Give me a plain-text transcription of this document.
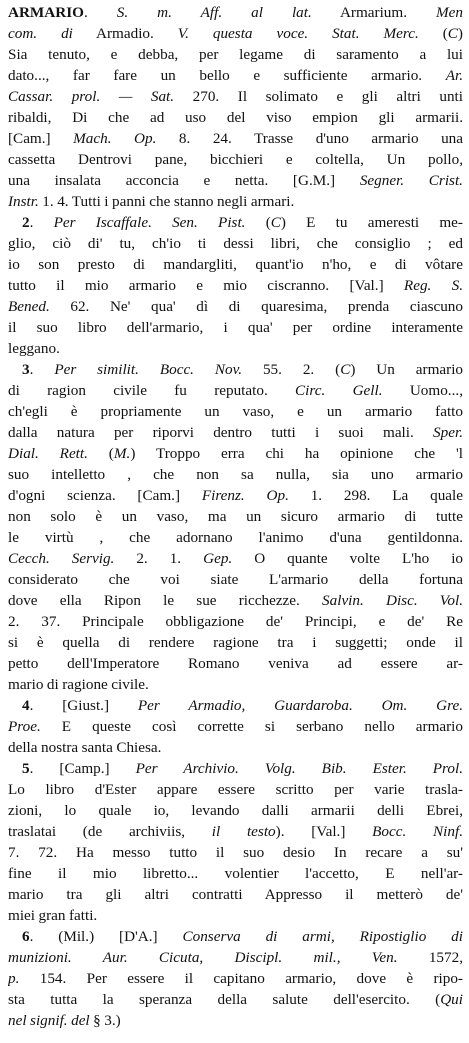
ARMARIO. S. m. Aff. al lat. Armarium. Men
com. di Armadio. V. questa voce. Stat. Merc. (C)
Sia tenuto, e debba, per legame di saramento a lui
dato..., far fare un bello e sufficiente armario. Ar.
Cassar. prol. — Sat. 270. Il solimato e gli altri unti
ribaldi, Di che ad uso del viso empion gli armarii.
[Cam.] Mach. Op. 8. 24. Trasse d'uno armario una
cassetta Dentrovi pane, bicchieri e coltella, Un pollo,
una insalata acconcia e netta. [G.M.] Segner. Crist.
Instr. 1. 4. Tutti i panni che stanno negli armari.
2. Per Iscaffale. Sen. Pist. (C) E tu ameresti me-
glio, ciò di' tu, ch'io ti dessi libri, che consiglio ; ed
io son presto di mandargliti, quant'io n'ho, e di vôtare
tutto il mio armario e mio ciscranno. [Val.] Reg. S.
Bened. 62. Ne' qua' dì di quaresima, prenda ciascuno
il suo libro dell'armario, i qua' per ordine interamente
leggano.
3. Per similit. Bocc. Nov. 55. 2. (C) Un armario
di ragion civile fu reputato. Circ. Gell. Uomo...,
ch'egli è propriamente un vaso, e un armario fatto
dalla natura per riporvi dentro tutti i suoi mali. Sper.
Dial. Rett. (M.) Troppo erra chi ha opinione che 'l
suo intelletto , che non sa nulla, sia uno armario
d'ogni scienza. [Cam.] Firenz. Op. 1. 298. La quale
non solo è un vaso, ma un sicuro armario di tutte
le virtù , che adornano l'animo d'una gentildonna.
Cecch. Servig. 2. 1. Gep. O quante volte L'ho io
considerato che voi siate L'armario della fortuna
dove ella Ripon le sue ricchezze. Salvin. Disc. Vol.
2. 37. Principale obbligazione de' Principi, e de' Re
si è quella di rendere ragione tra i suggetti; onde il
petto dell'Imperatore Romano veniva ad essere ar-
mario di ragione civile.
4. [Giust.] Per Armadio, Guardaroba. Om. Gre.
Proe. E queste così corrette si serbano nello armario
della nostra santa Chiesa.
5. [Camp.] Per Archivio. Volg. Bib. Ester. Prol.
Lo libro d'Ester appare essere scritto per varie trasla-
zioni, lo quale io, levando dalli armarii delli Ebrei,
traslatai (de archiviis, il testo). [Val.] Bocc. Ninf.
7. 72. Ha messo tutto il suo desio In recare a su'
fine il mio libretto... volentier l'accetto, E nell'ar-
mario tra gli altri contratti Appresso il metterò de'
miei gran fatti.
6. (Mil.) [D'A.] Conserva di armi, Ripostiglio di
munizioni. Aur. Cicuta, Discipl. mil., Ven. 1572,
p. 154. Per essere il capitano armario, dove è ripo-
sta tutta la speranza della salute dell'esercito. (Qui
nel signif. del § 3.)
